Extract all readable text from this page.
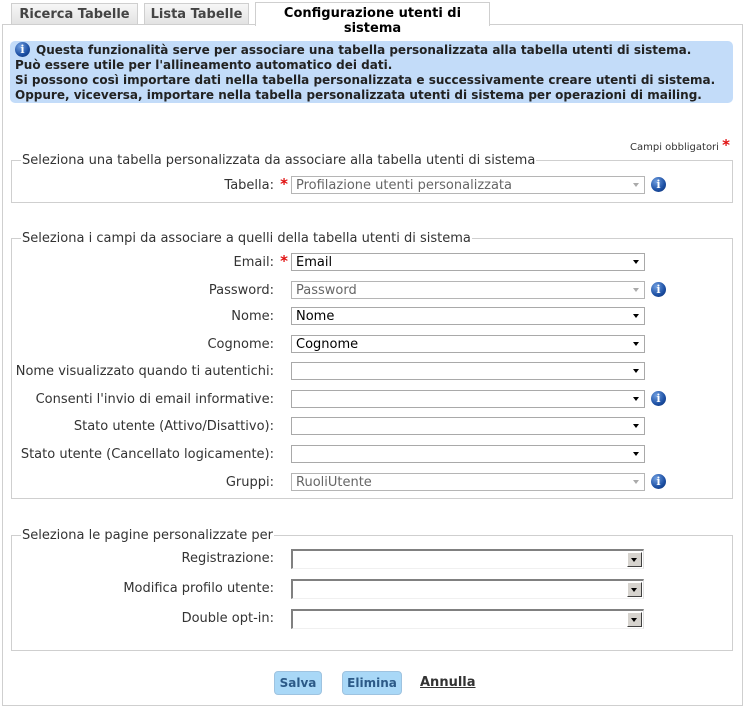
Ricerca Tabelle	Lista Tabelle	Configurazione utenti di sistema
i Questa funzionalità serve per associare una tabella personalizzata alla tabella utenti di sistema.
Può essere utile per l'allineamento automatico dei dati.
Si possono così importare dati nella tabella personalizzata e successivamente creare utenti di sistema.
Oppure, viceversa, importare nella tabella personalizzata utenti di sistema per operazioni di mailing.
Campi obbligatori *
Seleziona una tabella personalizzata da associare alla tabella utenti di sistema
Tabella: * Profilazione utenti personalizzata	i
Seleziona i campi da associare a quelli della tabella utenti di sistema
Email: * Email
Password:	Password	i
Nome:	Nome
Cognome:	Cognome
Nome visualizzato quando ti autentichi:
Consenti l'invio di email informative:	i
Stato utente (Attivo/Disattivo):
Stato utente (Cancellato logicamente):
Gruppi:	RuoliUtente	i
Seleziona le pagine personalizzate per
Registrazione:
Modifica profilo utente:
Double opt-in:
Salva	Elimina	Annulla
